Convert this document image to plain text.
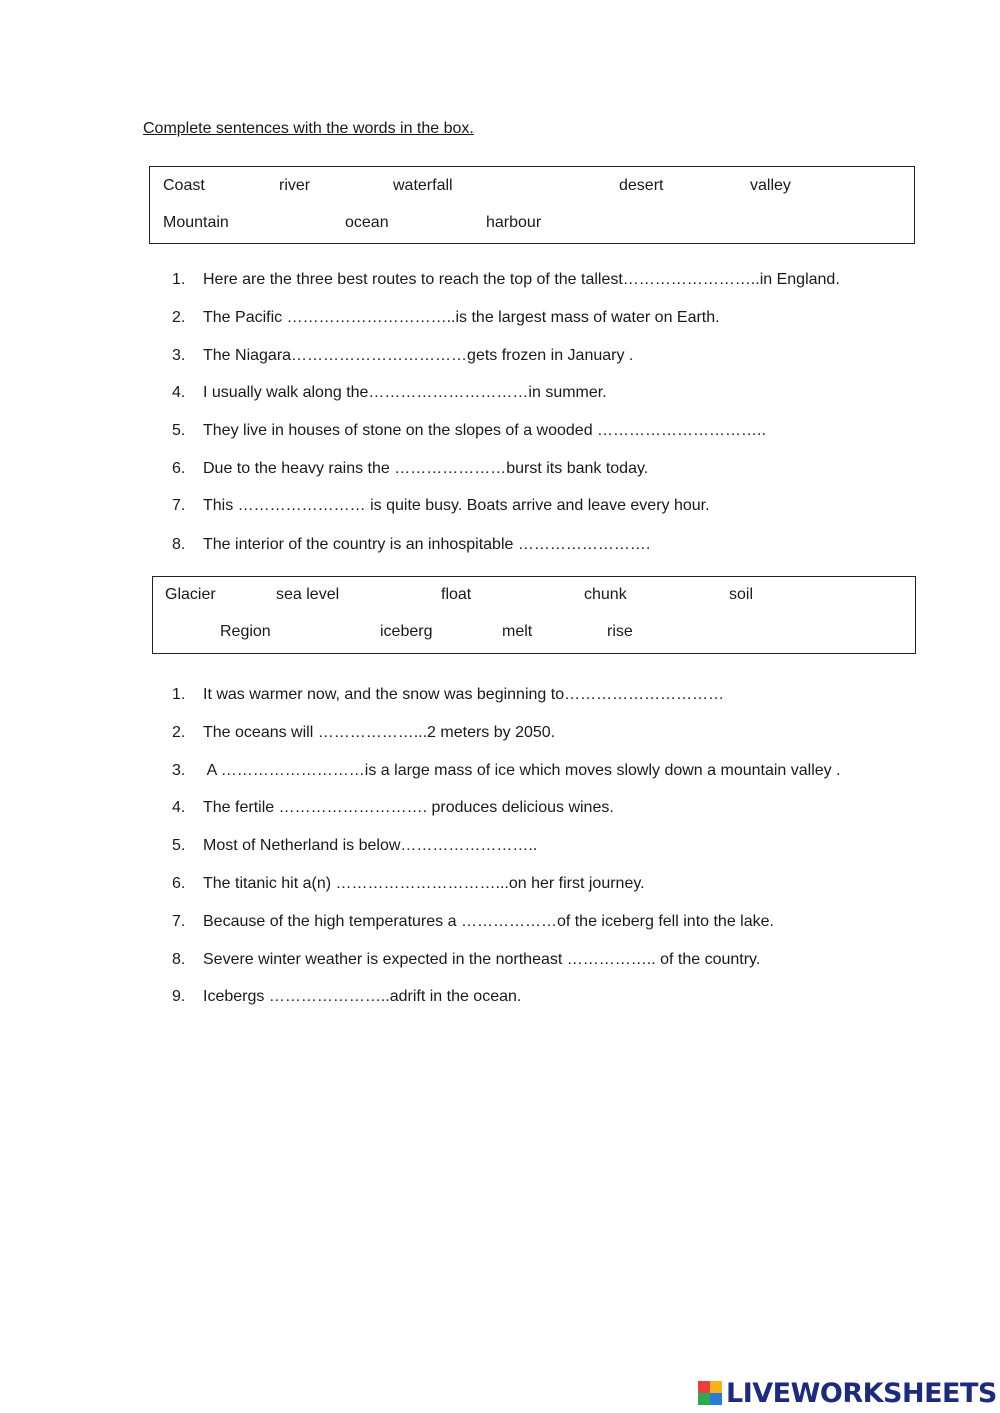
Complete sentences with the words in the box.
Coast	river	waterfall	desert	valley
Mountain	ocean	harbour
1. Here are the three best routes to reach the top of the tallest……………………..in England.
2. The Pacific …………………………..is the largest mass of water on Earth.
3. The Niagara……………………………gets frozen in January .
4. I usually walk along the…………………………in summer.
5. They live in houses of stone on the slopes of a wooded …………………………..
6. Due to the heavy rains the …………………burst its bank today.
7. This …………………… is quite busy. Boats arrive and leave every hour.
8. The interior of the country is an inhospitable …………………….
Glacier	sea level	float	chunk	soil
Region	iceberg	melt	rise
1. It was warmer now, and the snow was beginning to…………………………
2. The oceans will ………………...2 meters by 2050.
3. A ………………………is a large mass of ice which moves slowly down a mountain valley .
4. The fertile ………………………. produces delicious wines.
5. Most of Netherland is below……………………..
6. The titanic hit a(n) …………………………...on her first journey.
7. Because of the high temperatures a ………………of the iceberg fell into the lake.
8. Severe winter weather is expected in the northeast …………….. of the country.
9. Icebergs …………………..adrift in the ocean.
LIVEWORKSHEETS
